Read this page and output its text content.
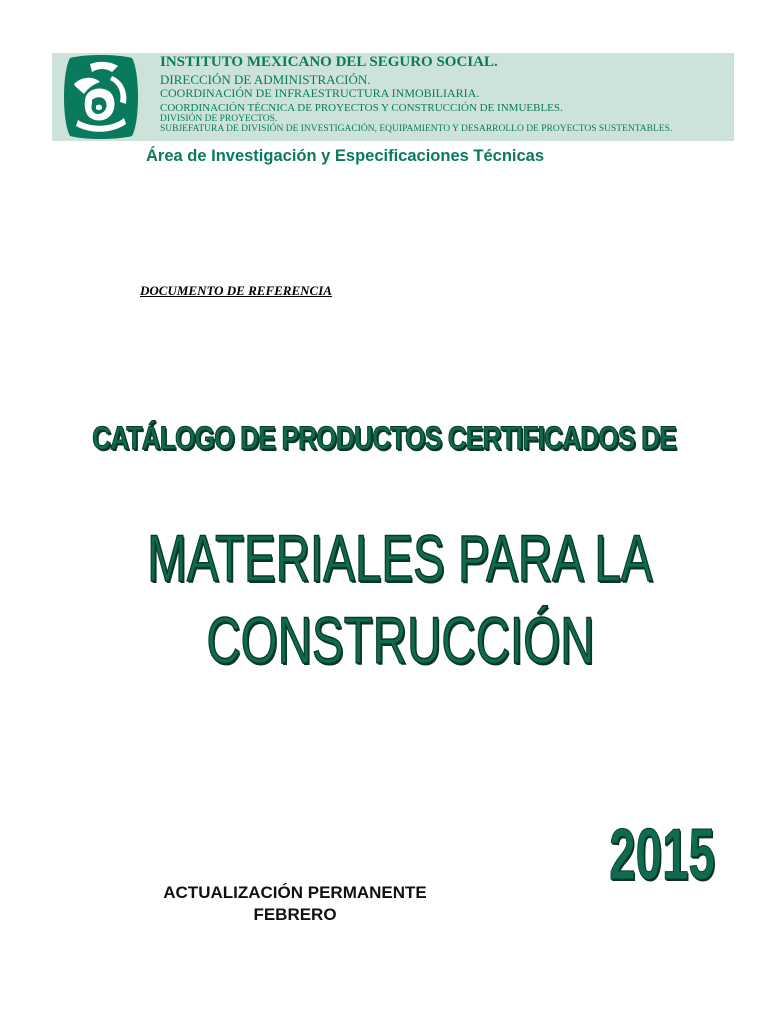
INSTITUTO MEXICANO DEL SEGURO SOCIAL.
DIRECCIÓN DE ADMINISTRACIÓN.
COORDINACIÓN DE INFRAESTRUCTURA INMOBILIARIA.
COORDINACIÓN TÉCNICA DE PROYECTOS Y CONSTRUCCIÓN DE INMUEBLES.
DIVISIÓN DE PROYECTOS.
SUBJEFATURA DE DIVISIÓN DE INVESTIGACIÓN, EQUIPAMIENTO Y DESARROLLO DE PROYECTOS SUSTENTABLES.
Área de Investigación y Especificaciones Técnicas
DOCUMENTO DE REFERENCIA
CATÁLOGO DE PRODUCTOS CERTIFICADOS DE
MATERIALES PARA LA
CONSTRUCCIÓN
2015
ACTUALIZACIÓN PERMANENTE
FEBRERO
